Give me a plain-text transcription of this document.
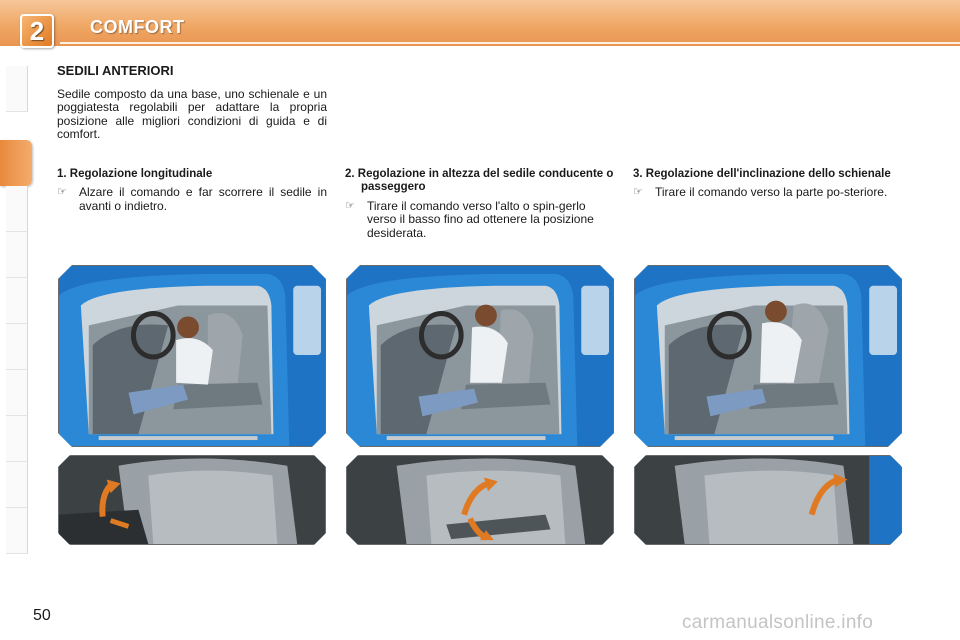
2	COMFORT
SEDILI ANTERIORI
Sedile composto da una base, uno schienale e un poggiatesta regolabili per adattare la propria posizione alle migliori condizioni di guida e di comfort.
1. Regolazione longitudinale
☞	Alzare il comando e far scorrere il sedile in avanti o indietro.
2. Regolazione in altezza del sedile conducente o passeggero
☞	Tirare il comando verso l'alto o spin-gerlo verso il basso fino ad ottenere la posizione desiderata.
3. Regolazione dell'inclinazione dello schienale
☞	Tirare il comando verso la parte po-steriore.
50	carmanualsonline.info
